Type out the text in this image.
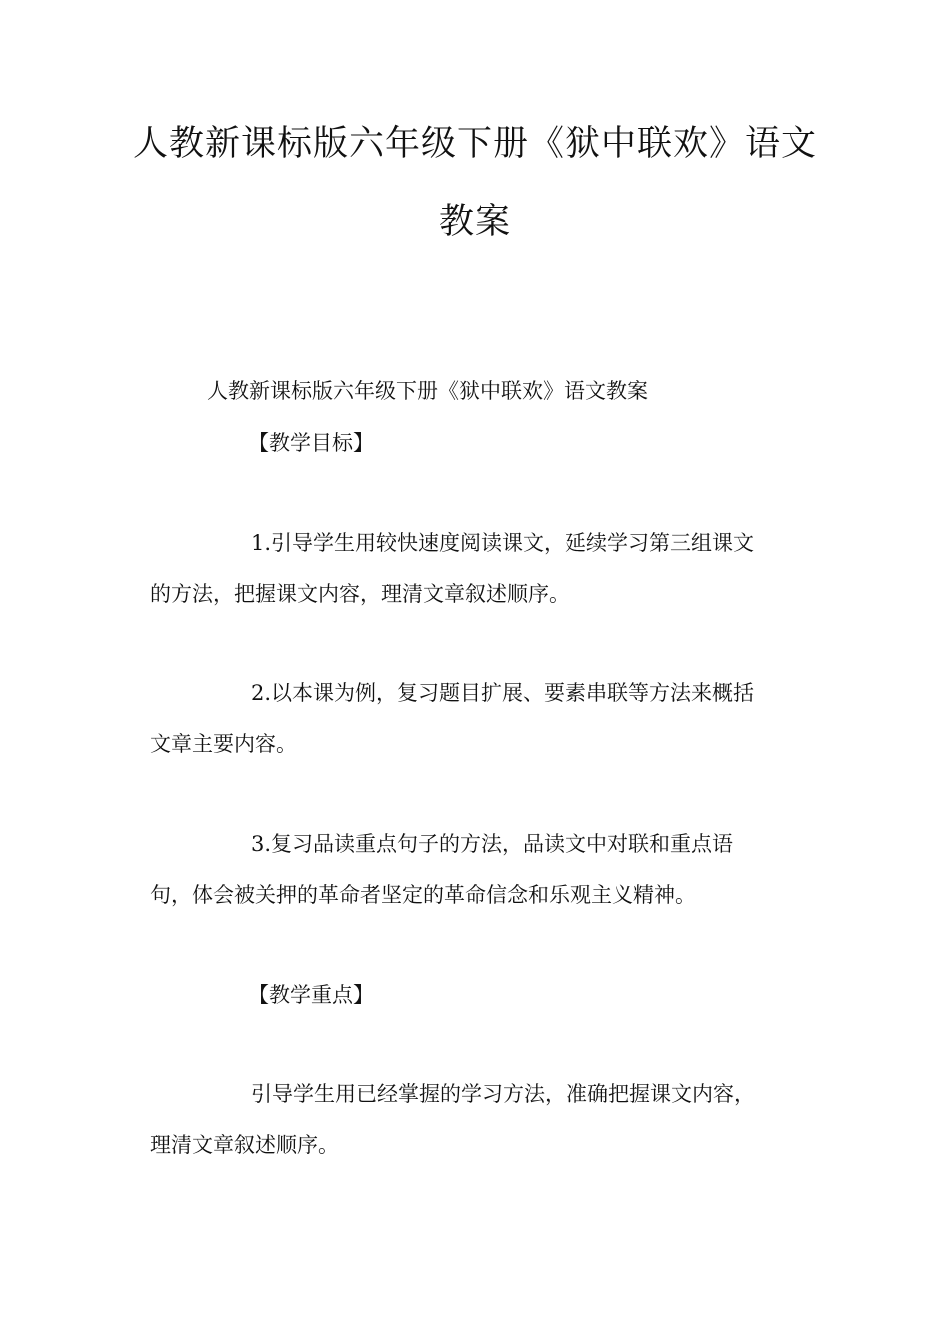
人教新课标版六年级下册《狱中联欢》语文
教案
人教新课标版六年级下册《狱中联欢》语文教案
【教学目标】
1.引导学生用较快速度阅读课文，延续学习第三组课文
的方法，把握课文内容，理清文章叙述顺序。
2.以本课为例，复习题目扩展、要素串联等方法来概括
文章主要内容。
3.复习品读重点句子的方法，品读文中对联和重点语
句，体会被关押的革命者坚定的革命信念和乐观主义精神。
【教学重点】
引导学生用已经掌握的学习方法，准确把握课文内容，
理清文章叙述顺序。
